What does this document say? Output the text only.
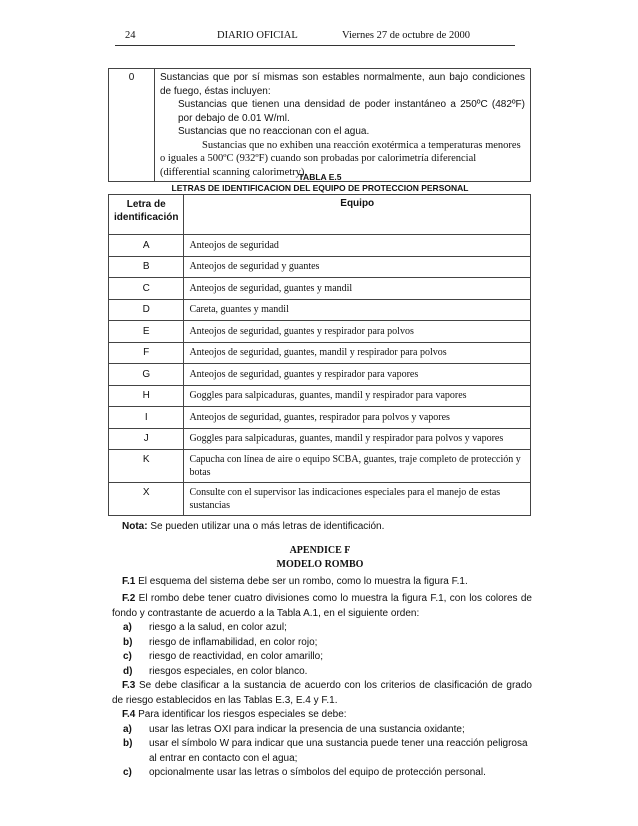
24	DIARIO OFICIAL	Viernes 27 de octubre de 2000
0	Sustancias que por sí mismas son estables normalmente, aun bajo condiciones de fuego, éstas incluyen:
Sustancias que tienen una densidad de poder instantáneo a 250ºC (482ºF) por debajo de 0.01 W/ml.
Sustancias que no reaccionan con el agua.
Sustancias que no exhiben una reacción exotérmica a temperaturas menores o iguales a 500ºC (932ºF) cuando son probadas por calorimetría diferencial (differential scanning calorimetry).
TABLA E.5
LETRAS DE IDENTIFICACION DEL EQUIPO DE PROTECCION PERSONAL
Letra de identificación	Equipo
A	Anteojos de seguridad
B	Anteojos de seguridad y guantes
C	Anteojos de seguridad, guantes y mandil
D	Careta, guantes y mandil
E	Anteojos de seguridad, guantes y respirador para polvos
F	Anteojos de seguridad, guantes, mandil y respirador para polvos
G	Anteojos de seguridad, guantes y respirador para vapores
H	Goggles para salpicaduras, guantes, mandil y respirador para vapores
I	Anteojos de seguridad, guantes, respirador para polvos y vapores
J	Goggles para salpicaduras, guantes, mandil y respirador para polvos y vapores
K	Capucha con línea de aire o equipo SCBA, guantes, traje completo de protección y botas
X	Consulte con el supervisor las indicaciones especiales para el manejo de estas sustancias
Nota: Se pueden utilizar una o más letras de identificación.
APENDICE F
MODELO ROMBO
F.1 El esquema del sistema debe ser un rombo, como lo muestra la figura F.1.
F.2 El rombo debe tener cuatro divisiones como lo muestra la figura F.1, con los colores de fondo y contrastante de acuerdo a la Tabla A.1, en el siguiente orden:
a) riesgo a la salud, en color azul;
b) riesgo de inflamabilidad, en color rojo;
c) riesgo de reactividad, en color amarillo;
d) riesgos especiales, en color blanco.
F.3 Se debe clasificar a la sustancia de acuerdo con los criterios de clasificación de grado de riesgo establecidos en las Tablas E.3, E.4 y F.1.
F.4 Para identificar los riesgos especiales se debe:
a) usar las letras OXI para indicar la presencia de una sustancia oxidante;
b) usar el símbolo W para indicar que una sustancia puede tener una reacción peligrosa al entrar en contacto con el agua;
c) opcionalmente usar las letras o símbolos del equipo de protección personal.
